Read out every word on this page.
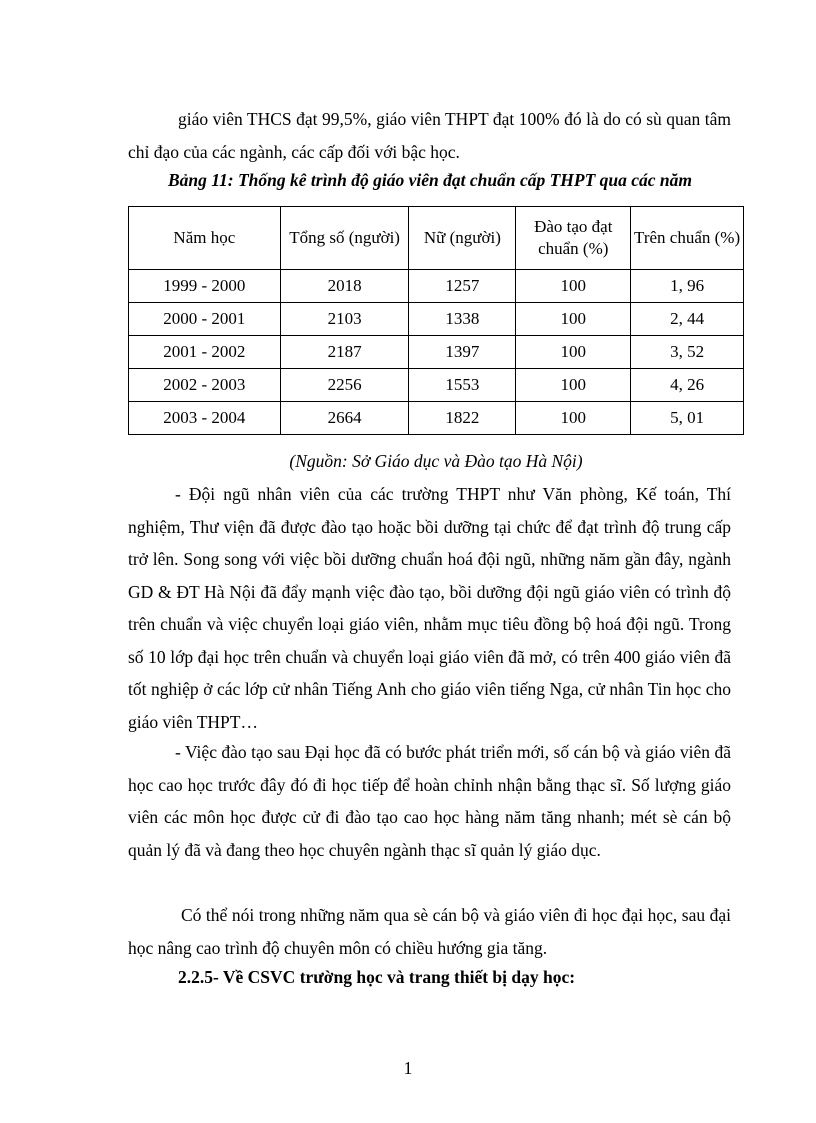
giáo viên THCS đạt 99,5%, giáo viên THPT đạt 100% đó là do có sù quan tâm chỉ đạo của các ngành, các cấp đối với bậc học.

Bảng 11: Thống kê trình độ giáo viên đạt chuẩn cấp THPT qua các năm

Năm học	Tổng số (người)	Nữ (người)	Đào tạo đạt chuẩn (%)	Trên chuẩn (%)
1999 - 2000	2018	1257	100	1, 96
2000 - 2001	2103	1338	100	2, 44
2001 - 2002	2187	1397	100	3, 52
2002 - 2003	2256	1553	100	4, 26
2003 - 2004	2664	1822	100	5, 01

(Nguồn: Sở Giáo dục và Đào tạo Hà Nội)

- Đội ngũ nhân viên của các trường THPT như Văn phòng, Kế toán, Thí nghiệm, Thư viện đã được đào tạo hoặc bồi dưỡng tại chức để đạt trình độ trung cấp trở lên. Song song với việc bồi dưỡng chuẩn hoá đội ngũ, những năm gần đây, ngành GD & ĐT Hà Nội đã đẩy mạnh việc đào tạo, bồi dưỡng đội ngũ giáo viên có trình độ trên chuẩn và việc chuyển loại giáo viên, nhằm mục tiêu đồng bộ hoá đội ngũ. Trong số 10 lớp đại học trên chuẩn và chuyển loại giáo viên đã mở, có trên 400 giáo viên đã tốt nghiệp ở các lớp cử nhân Tiếng Anh cho giáo viên tiếng Nga, cử nhân Tin học cho giáo viên THPT…

- Việc đào tạo sau Đại học đã có bước phát triển mới, số cán bộ và giáo viên đã học cao học trước đây đó đi học tiếp để hoàn chỉnh nhận bằng thạc sĩ. Số lượng giáo viên các môn học được cử đi đào tạo cao học hàng năm tăng nhanh; mét sè cán bộ quản lý đã và đang theo học chuyên ngành thạc sĩ quản lý giáo dục.

Có thể nói trong những năm qua sè cán bộ và giáo viên đi học đại học, sau đại học nâng cao trình độ chuyên môn có chiều hướng gia tăng.

2.2.5- Về CSVC trường học và trang thiết bị dạy học:

1
